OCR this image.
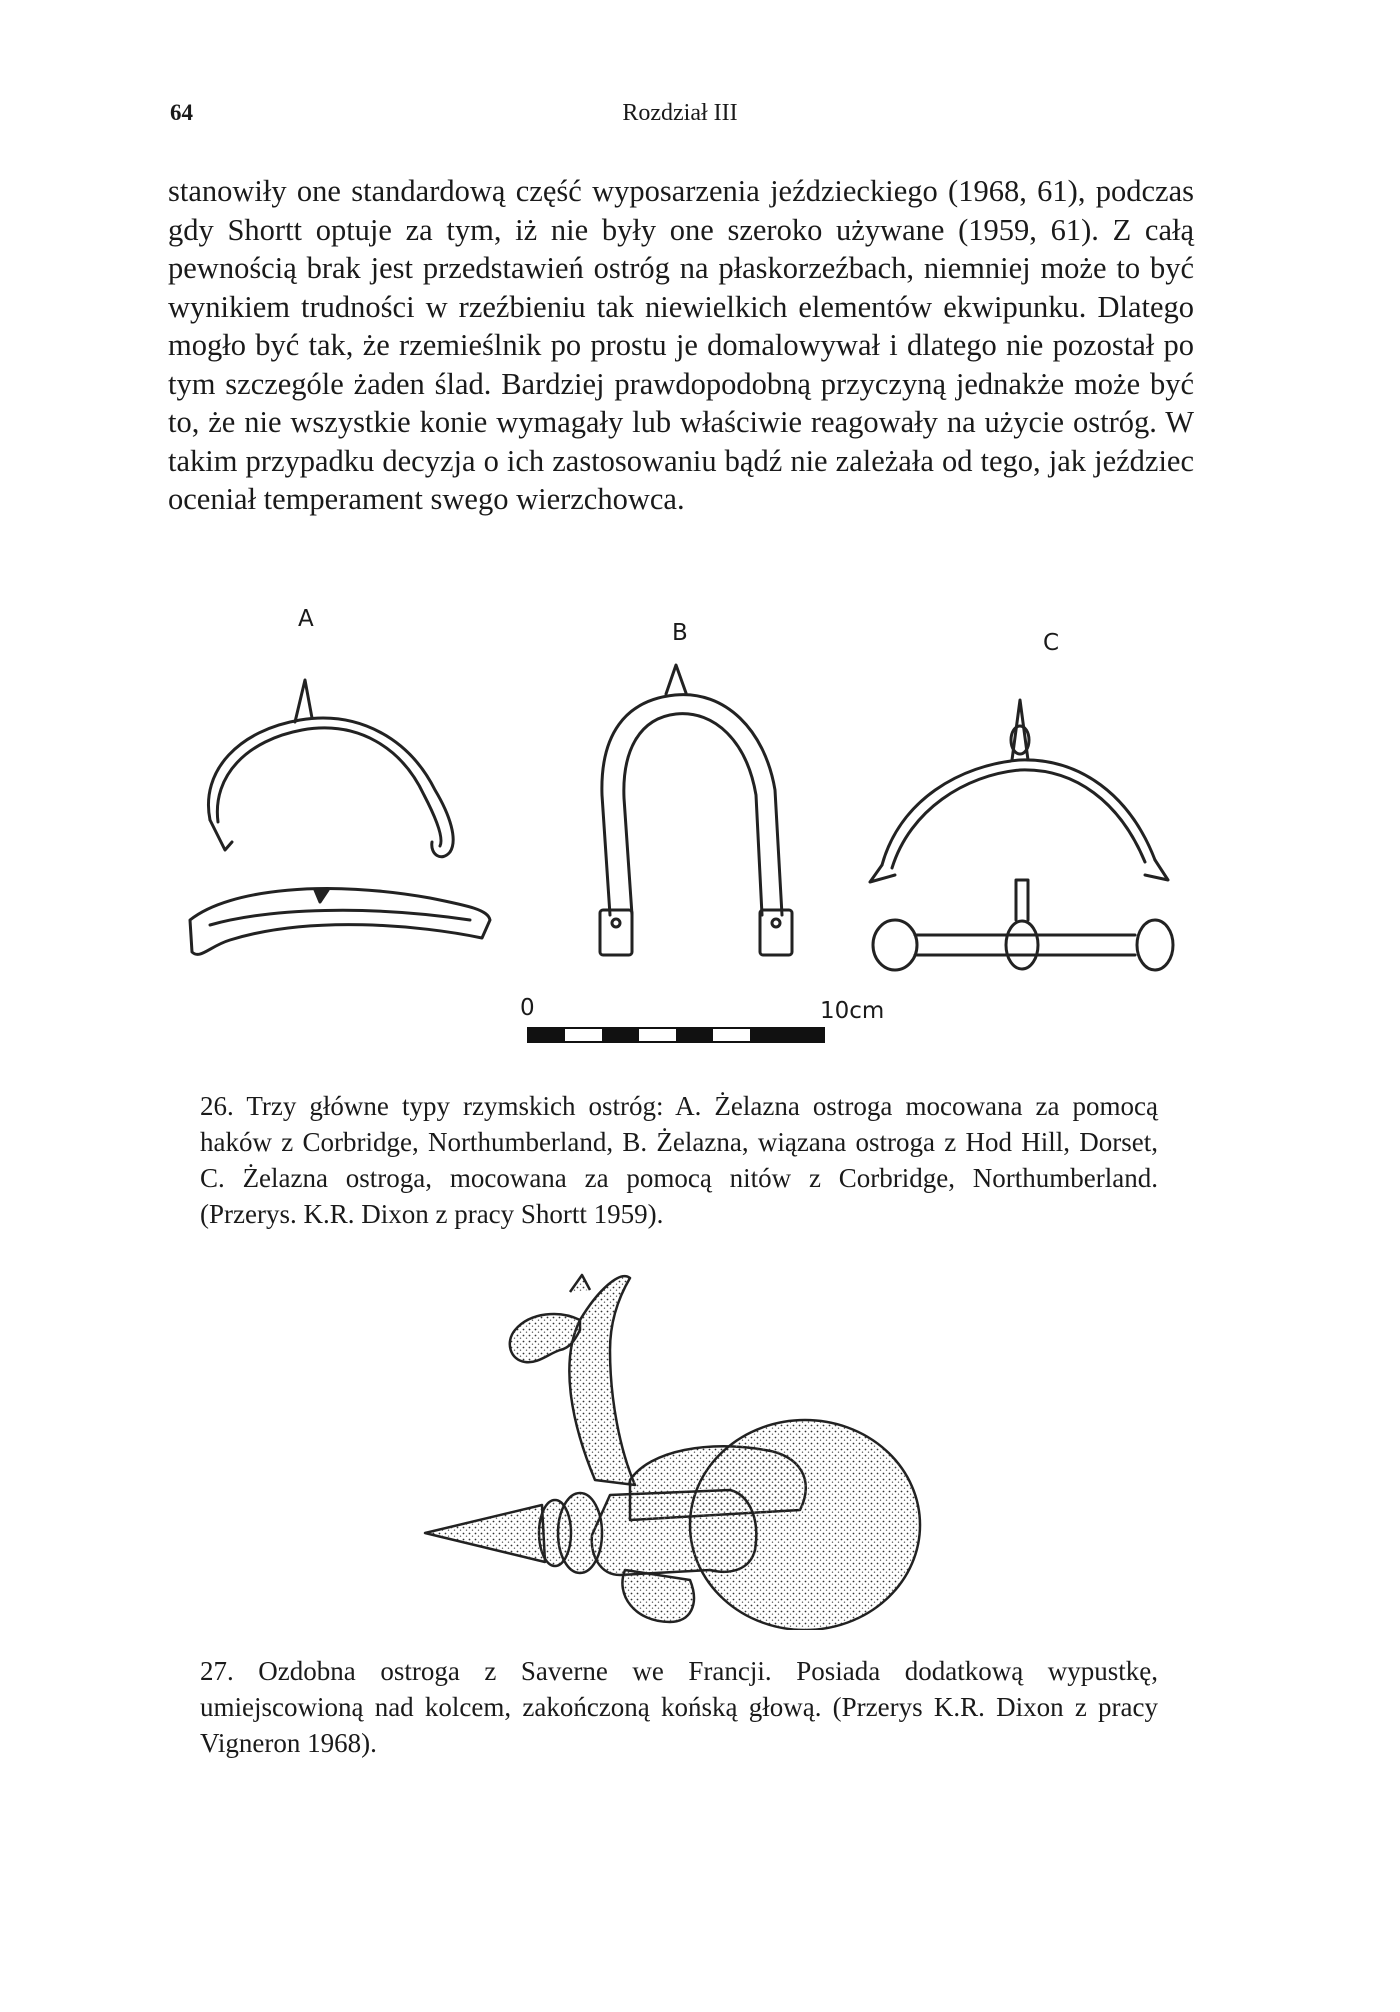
64	Rozdział III

stanowiły one standardową część wyposarzenia jeździeckiego (1968, 61), podczas gdy Shortt optuje za tym, iż nie były one szeroko używane (1959, 61). Z całą pewnością brak jest przedstawień ostróg na płaskorzeźbach, niemniej może to być wynikiem trudności w rzeźbieniu tak niewielkich elementów ekwipunku. Dlatego mogło być tak, że rzemieślnik po prostu je domalowywał i dlatego nie pozostał po tym szczególe żaden ślad. Bardziej prawdopodobną przyczyną jednakże może być to, że nie wszystkie konie wymagały lub właściwie reagowały na użycie ostróg. W takim przypadku decyzja o ich zastosowaniu bądź nie zależała od tego, jak jeździec oceniał temperament swego wierzchowca.

A
B	C
0	10cm

26. Trzy główne typy rzymskich ostróg: A. Żelazna ostroga mocowana za pomocą haków z Corbridge, Northumberland, B. Żelazna, wiązana ostroga z Hod Hill, Dorset, C. Żelazna ostroga, mocowana za pomocą nitów z Corbridge, Northumberland. (Przerys. K.R. Dixon z pracy Shortt 1959).

27. Ozdobna ostroga z Saverne we Francji. Posiada dodatkową wypustkę, umiejscowioną nad kolcem, zakończoną końską głową. (Przerys K.R. Dixon z pracy Vigneron 1968).
